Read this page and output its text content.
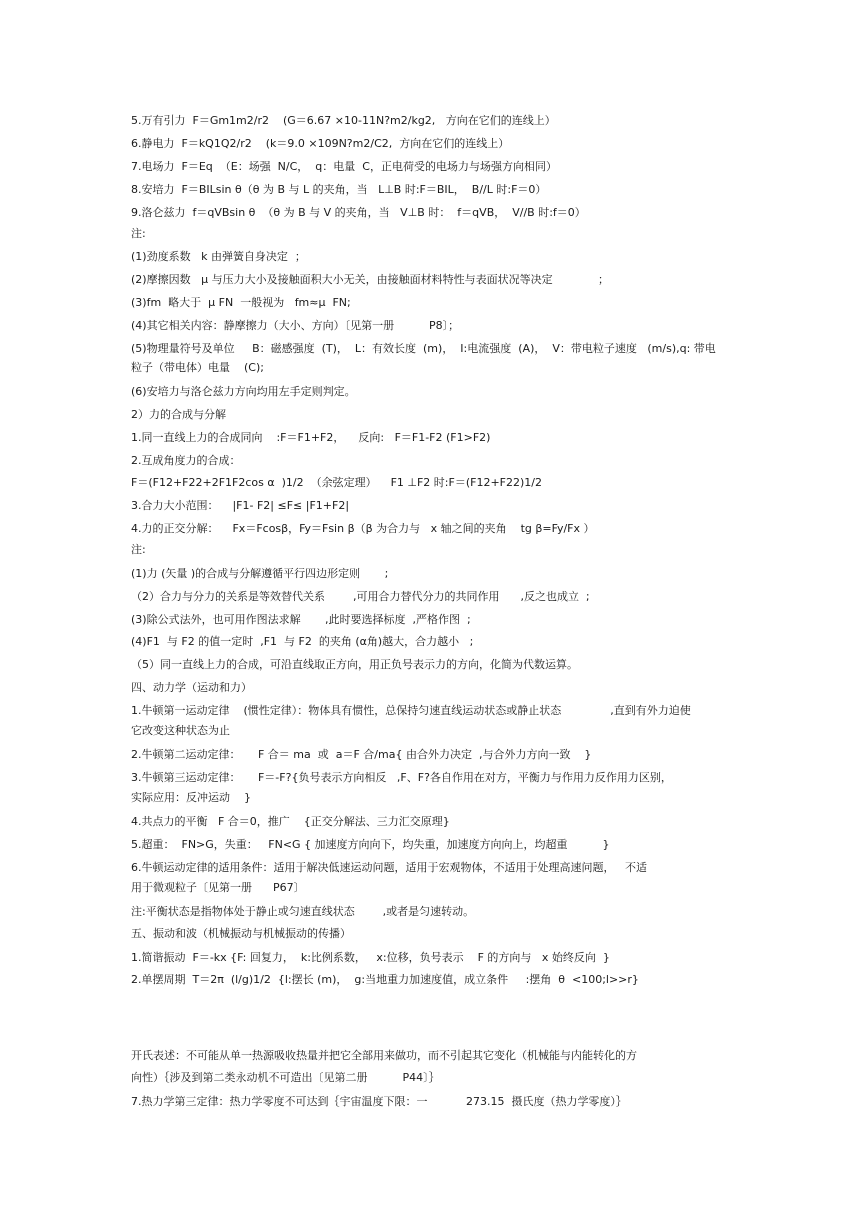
5.万有引力  F＝Gm1m2/r2    (G＝6.67 ×10-11N?m2/kg2,   方向在它们的连线上）
6.静电力  F＝kQ1Q2/r2    (k＝9.0 ×109N?m2/C2,  方向在它们的连线上）
7.电场力  F＝Eq  （E：场强  N/C，  q：电量  C，正电荷受的电场力与场强方向相同）
8.安培力  F＝BILsin θ（θ 为 B 与 L 的夹角，当   L⊥B 时:F＝BIL，  B//L 时:F＝0）
9.洛仑兹力  f＝qVBsin θ  （θ 为 B 与 V 的夹角，当   V⊥B 时：  f＝qVB，  V//B 时:f＝0）
注:
(1)劲度系数   k 由弹簧自身决定  ；
(2)摩擦因数   μ 与压力大小及接触面积大小无关，由接触面材料特性与表面状况等决定             ；
(3)fm  略大于  μ FN  一般视为   fm≈μ  FN;
(4)其它相关内容：静摩擦力（大小、方向）〔见第一册          P8〕；
(5)物理量符号及单位     B：磁感强度  (T)，  L：有效长度  (m)，  I:电流强度  (A)，  V：带电粒子速度   (m/s),q: 带电
粒子（带电体）电量    (C);
(6)安培力与洛仑兹力方向均用左手定则判定。
2）力的合成与分解
1.同一直线上力的合成同向    :F＝F1+F2，    反向:   F＝F1-F2 (F1>F2)
2.互成角度力的合成：
F＝(F12+F22+2F1F2cos α  )1/2  （余弦定理）    F1 ⊥F2 时:F＝(F12+F22)1/2
3.合力大小范围：    |F1- F2| ≤F≤ |F1+F2|
4.力的正交分解：    Fx＝Fcosβ，Fy＝Fsin β（β 为合力与   x 轴之间的夹角    tg β=Fy/Fx ）
注:
(1)力 (矢量 )的合成与分解遵循平行四边形定则       ;
（2）合力与分力的关系是等效替代关系        ,可用合力替代分力的共同作用      ,反之也成立  ;
(3)除公式法外，也可用作图法求解       ,此时要选择标度  ,严格作图  ;
(4)F1  与 F2 的值一定时  ,F1  与 F2  的夹角 (α角)越大，合力越小   ;
（5）同一直线上力的合成，可沿直线取正方向，用正负号表示力的方向，化简为代数运算。
四、动力学（运动和力）
1.牛顿第一运动定律    (惯性定律）：物体具有惯性，总保持匀速直线运动状态或静止状态              ,直到有外力迫使
它改变这种状态为止
2.牛顿第二运动定律：     F 合＝ ma  或  a＝F 合/ma{ 由合外力决定  ,与合外力方向一致    }
3.牛顿第三运动定律：     F＝-F?{负号表示方向相反   ,F、F?各自作用在对方，平衡力与作用力反作用力区别，
实际应用：反冲运动    }
4.共点力的平衡   F 合＝0，推广    {正交分解法、三力汇交原理}
5.超重：  FN>G，失重：   FN<G { 加速度方向向下，均失重，加速度方向向上，均超重          }
6.牛顿运动定律的适用条件：适用于解决低速运动问题，适用于宏观物体，不适用于处理高速问题，   不适
用于微观粒子〔见第一册      P67〕
注:平衡状态是指物体处于静止或匀速直线状态        ,或者是匀速转动。
五、振动和波（机械振动与机械振动的传播）
1.简谐振动  F＝-kx {F: 回复力，  k:比例系数，   x:位移，负号表示    F 的方向与   x 始终反向  }
2.单摆周期  T＝2π  (l/g)1/2  {l:摆长 (m)，  g:当地重力加速度值，成立条件     :摆角  θ  <100;l>>r}
开氏表述：不可能从单一热源吸收热量并把它全部用来做功，而不引起其它变化（机械能与内能转化的方
向性）｛涉及到第二类永动机不可造出〔见第二册          P44〕｝
7.热力学第三定律：热力学零度不可达到｛宇宙温度下限：一           273.15  摄氏度（热力学零度）｝
